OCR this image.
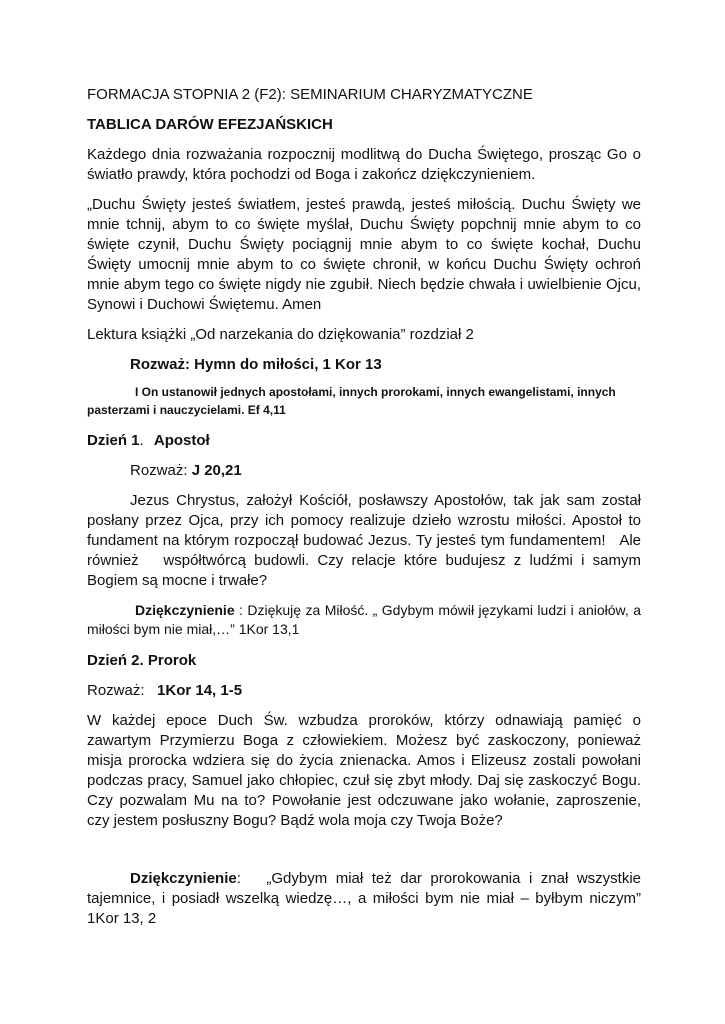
FORMACJA STOPNIA 2 (F2): SEMINARIUM CHARYZMATYCZNE

TABLICA DARÓW EFEZJAŃSKICH

Każdego dnia rozważania rozpocznij modlitwą do Ducha Świętego, prosząc Go o światło prawdy, która pochodzi od Boga i zakończ dziękczynieniem.

„Duchu Święty jesteś światłem, jesteś prawdą, jesteś miłością. Duchu Święty we mnie tchnij, abym to co święte myślał, Duchu Święty popchnij mnie abym to co święte czynił, Duchu Święty pociągnij mnie abym to co święte kochał, Duchu Święty umocnij mnie abym to co święte chronił, w końcu Duchu Święty ochroń mnie abym tego co święte nigdy nie zgubił. Niech będzie chwała i uwielbienie Ojcu, Synowi i Duchowi Świętemu. Amen

Lektura książki „Od narzekania do dziękowania” rozdział 2

Rozważ: Hymn do miłości, 1 Kor 13

I On ustanowił jednych apostołami, innych prorokami, innych ewangelistami, innych pasterzami i nauczycielami. Ef 4,11

Dzień 1. Apostoł

Rozważ: J 20,21

Jezus Chrystus, założył Kościół, posławszy Apostołów, tak jak sam został posłany przez Ojca, przy ich pomocy realizuje dzieło wzrostu miłości. Apostoł to fundament na którym rozpoczął budować Jezus. Ty jesteś tym fundamentem!   Ale również   współtwórcą budowli. Czy relacje które budujesz z ludźmi i samym Bogiem są mocne i trwałe?

Dziękczynienie : Dziękuję za Miłość. „ Gdybym mówił językami ludzi i aniołów, a miłości bym nie miał,…” 1Kor 13,1

Dzień 2. Prorok

Rozważ:   1Kor 14, 1-5

W każdej epoce Duch Św. wzbudza proroków, którzy odnawiają pamięć o zawartym Przymierzu Boga z człowiekiem. Możesz być zaskoczony, ponieważ misja prorocka wdziera się do życia znienacka. Amos i Elizeusz zostali powołani podczas pracy, Samuel jako chłopiec, czuł się zbyt młody. Daj się zaskoczyć Bogu. Czy pozwalam Mu na to? Powołanie jest odczuwane jako wołanie, zaproszenie, czy jestem posłuszny Bogu? Bądź wola moja czy Twoja Boże?

Dziękczynienie:   „Gdybym miał też dar prorokowania i znał wszystkie tajemnice, i posiadł wszelką wiedzę…, a miłości bym nie miał – byłbym niczym” 1Kor 13, 2
